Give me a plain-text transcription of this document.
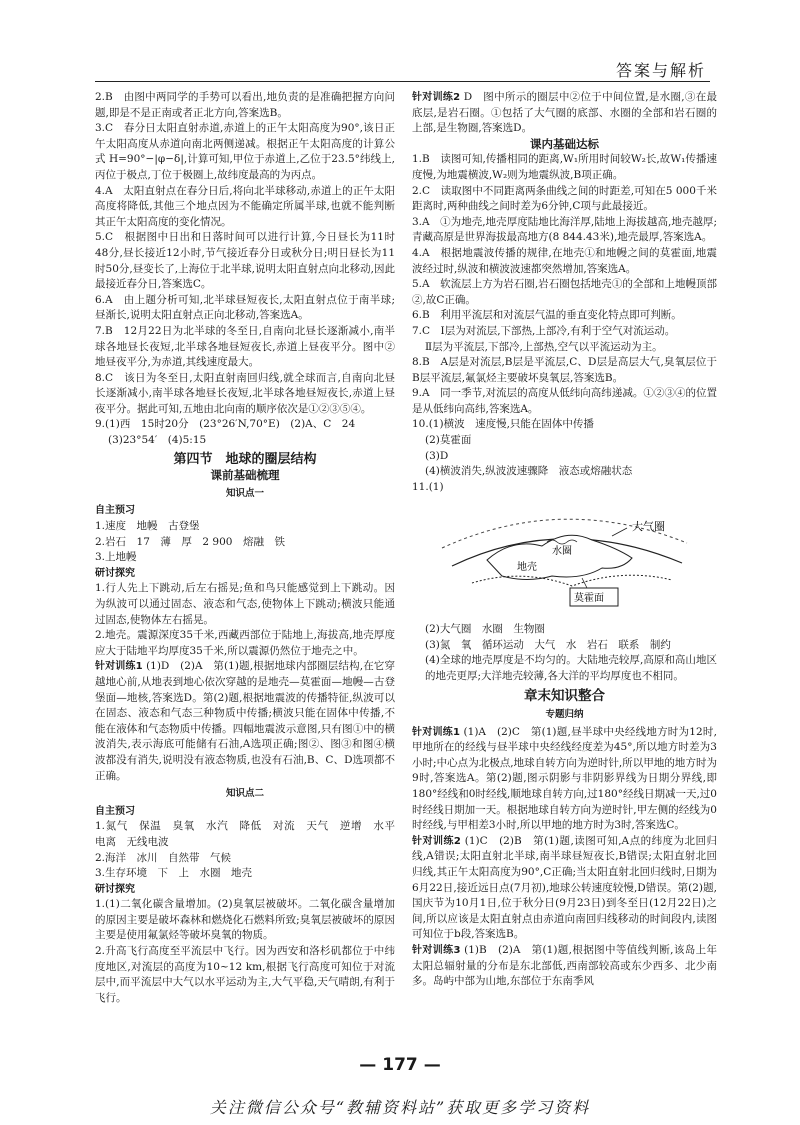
答案与解析
2.B　由图中两同学的手势可以看出,地负责的是准确把握方向问题,即是不是正南或者正北方向,答案选B。
3.C　春分日太阳直射赤道,赤道上的正午太阳高度为90°,该日正午太阳高度从赤道向南北两侧递减。根据正午太阳高度的计算公式 H=90°−|φ−δ|,计算可知,甲位于赤道上,乙位于23.5°纬线上,丙位于极点,丁位于极圈上,故纬度最高的为丙点。
4.A　太阳直射点在春分日后,将向北半球移动,赤道上的正午太阳高度将降低,其他三个地点因为不能确定所属半球,也就不能判断其正午太阳高度的变化情况。
5.C　根据图中日出和日落时间可以进行计算,今日昼长为11时48分,昼长接近12小时,节气接近春分日或秋分日;明日昼长为11时50分,昼变长了,上海位于北半球,说明太阳直射点向北移动,因此最接近春分日,答案选C。
6.A　由上题分析可知,北半球昼短夜长,太阳直射点位于南半球;昼渐长,说明太阳直射点正向北移动,答案选A。
7.B　12月22日为北半球的冬至日,自南向北昼长逐渐减小,南半球各地昼长夜短,北半球各地昼短夜长,赤道上昼夜平分。图中②地昼夜平分,为赤道,其线速度最大。
8.C　该日为冬至日,太阳直射南回归线,就全球而言,自南向北昼长逐渐减小,南半球各地昼长夜短,北半球各地昼短夜长,赤道上昼夜平分。据此可知,五地由北向南的顺序依次是①②③⑤④。
9.(1)西　15时20分　(23°26′N,70°E)　(2)A、C　24
(3)23°54′　(4)5:15
第四节　地球的圈层结构
课前基础梳理
知识点一
自主预习
1.速度　地幔　古登堡
2.岩石　17　薄　厚　2 900　熔融　铁
3.上地幔
研讨探究
1.行人先上下跳动,后左右摇晃;鱼和鸟只能感觉到上下跳动。因为纵波可以通过固态、液态和气态,使物体上下跳动;横波只能通过固态,使物体左右摇晃。
2.地壳。震源深度35千米,西藏西部位于陆地上,海拔高,地壳厚度应大于陆地平均厚度35千米,所以震源仍然位于地壳之中。
针对训练1 (1)D　(2)A　第(1)题,根据地球内部圈层结构,在它穿越地心前,从地表到地心依次穿越的是地壳—莫霍面—地幔—古登堡面—地核,答案选D。第(2)题,根据地震波的传播特征,纵波可以在固态、液态和气态三种物质中传播;横波只能在固体中传播,不能在液体和气态物质中传播。四幅地震波示意图,只有图①中的横波消失,表示海底可能储有石油,A选项正确;图②、图③和图④横波都没有消失,说明没有液态物质,也没有石油,B、C、D选项都不正确。
知识点二
自主预习
1.氮气　保温　臭氧　水汽　降低　对流　天气　逆增　水平　电离　无线电波
2.海洋　冰川　自然带　气候
3.生存环境　下　上　水圈　地壳
研讨探究
1.(1)二氧化碳含量增加。(2)臭氧层被破坏。二氧化碳含量增加的原因主要是破坏森林和燃烧化石燃料所致;臭氧层被破坏的原因主要是使用氟氯烃等破坏臭氧的物质。
2.升高飞行高度至平流层中飞行。因为西安和洛杉矶都位于中纬度地区,对流层的高度为10~12 km,根据飞行高度可知位于对流层中,而平流层中大气以水平运动为主,大气平稳,天气晴朗,有利于飞行。
针对训练2 D　图中所示的圈层中②位于中间位置,是水圈,③在最底层,是岩石圈。①包括了大气圈的底部、水圈的全部和岩石圈的上部,是生物圈,答案选D。
课内基础达标
1.B　读图可知,传播相同的距离,W₁所用时间较W₂长,故W₁传播速度慢,为地震横波,W₂则为地震纵波,B项正确。
2.C　读取图中不同距离两条曲线之间的时距差,可知在5 000千米距离时,两种曲线之间时差为6分钟,C项与此最接近。
3.A　①为地壳,地壳厚度陆地比海洋厚,陆地上海拔越高,地壳越厚;青藏高原是世界海拔最高地方(8 844.43米),地壳最厚,答案选A。
4.A　根据地震波传播的规律,在地壳①和地幔之间的莫霍面,地震波经过时,纵波和横波波速都突然增加,答案选A。
5.A　软流层上方为岩石圈,岩石圈包括地壳①的全部和上地幔顶部②,故C正确。
6.B　利用平流层和对流层气温的垂直变化特点即可判断。
7.C　Ⅰ层为对流层,下部热,上部冷,有利于空气对流运动。
Ⅱ层为平流层,下部冷,上部热,空气以平流运动为主。
8.B　A层是对流层,B层是平流层,C、D层是高层大气,臭氧层位于B层平流层,氟氯烃主要破坏臭氧层,答案选B。
9.A　同一季节,对流层的高度从低纬向高纬递减。①②③④的位置是从低纬向高纬,答案选A。
10.(1)横波　速度慢,只能在固体中传播
(2)莫霍面
(3)D
(4)横波消失,纵波波速骤降　液态或熔融状态
11.(1)
大气圈
水圈
地壳
莫霍面
(2)大气圈　水圈　生物圈
(3)氮　氧　循环运动　大气　水　岩石　联系　制约
(4)全球的地壳厚度是不均匀的。大陆地壳较厚,高原和高山地区的地壳更厚;大洋地壳较薄,各大洋的平均厚度也不相同。
章末知识整合
专题归纳
针对训练1 (1)A　(2)C　第(1)题,昼半球中央经线地方时为12时,甲地所在的经线与昼半球中央经线经度差为45°,所以地方时差为3小时;中心点为北极点,地球自转方向为逆时针,所以甲地的地方时为9时,答案选A。第(2)题,图示阴影与非阴影界线为日期分界线,即180°经线和0时经线,顺地球自转方向,过180°经线日期减一天,过0时经线日期加一天。根据地球自转方向为逆时针,甲左侧的经线为0时经线,与甲相差3小时,所以甲地的地方时为3时,答案选C。
针对训练2 (1)C　(2)B　第(1)题,读图可知,A点的纬度为北回归线,A错误;太阳直射北半球,南半球昼短夜长,B错误;太阳直射北回归线,其正午太阳高度为90°,C正确;当太阳直射北回归线时,日期为6月22日,接近远日点(7月初),地球公转速度较慢,D错误。第(2)题,国庆节为10月1日,位于秋分日(9月23日)到冬至日(12月22日)之间,所以应该是太阳直射点由赤道向南回归线移动的时间段内,读图可知位于b段,答案选B。
针对训练3 (1)B　(2)A　第(1)题,根据图中等值线判断,该岛上年太阳总辐射量的分布是东北部低,西南部较高或东少西多、北少南多。岛屿中部为山地,东部位于东南季风
— 177 —
关注微信公众号“教辅资料站”获取更多学习资料
